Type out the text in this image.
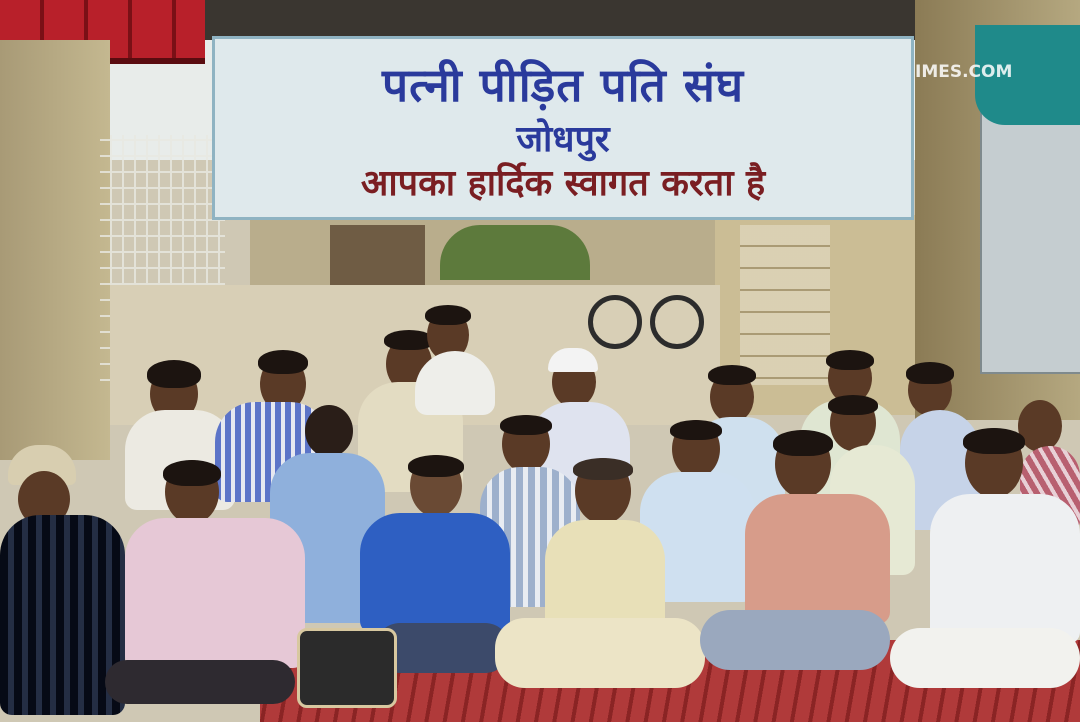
पत्नी पीड़ित पति संघ
जोधपुर
आपका हार्दिक स्वागत करता है
IMES.COM
